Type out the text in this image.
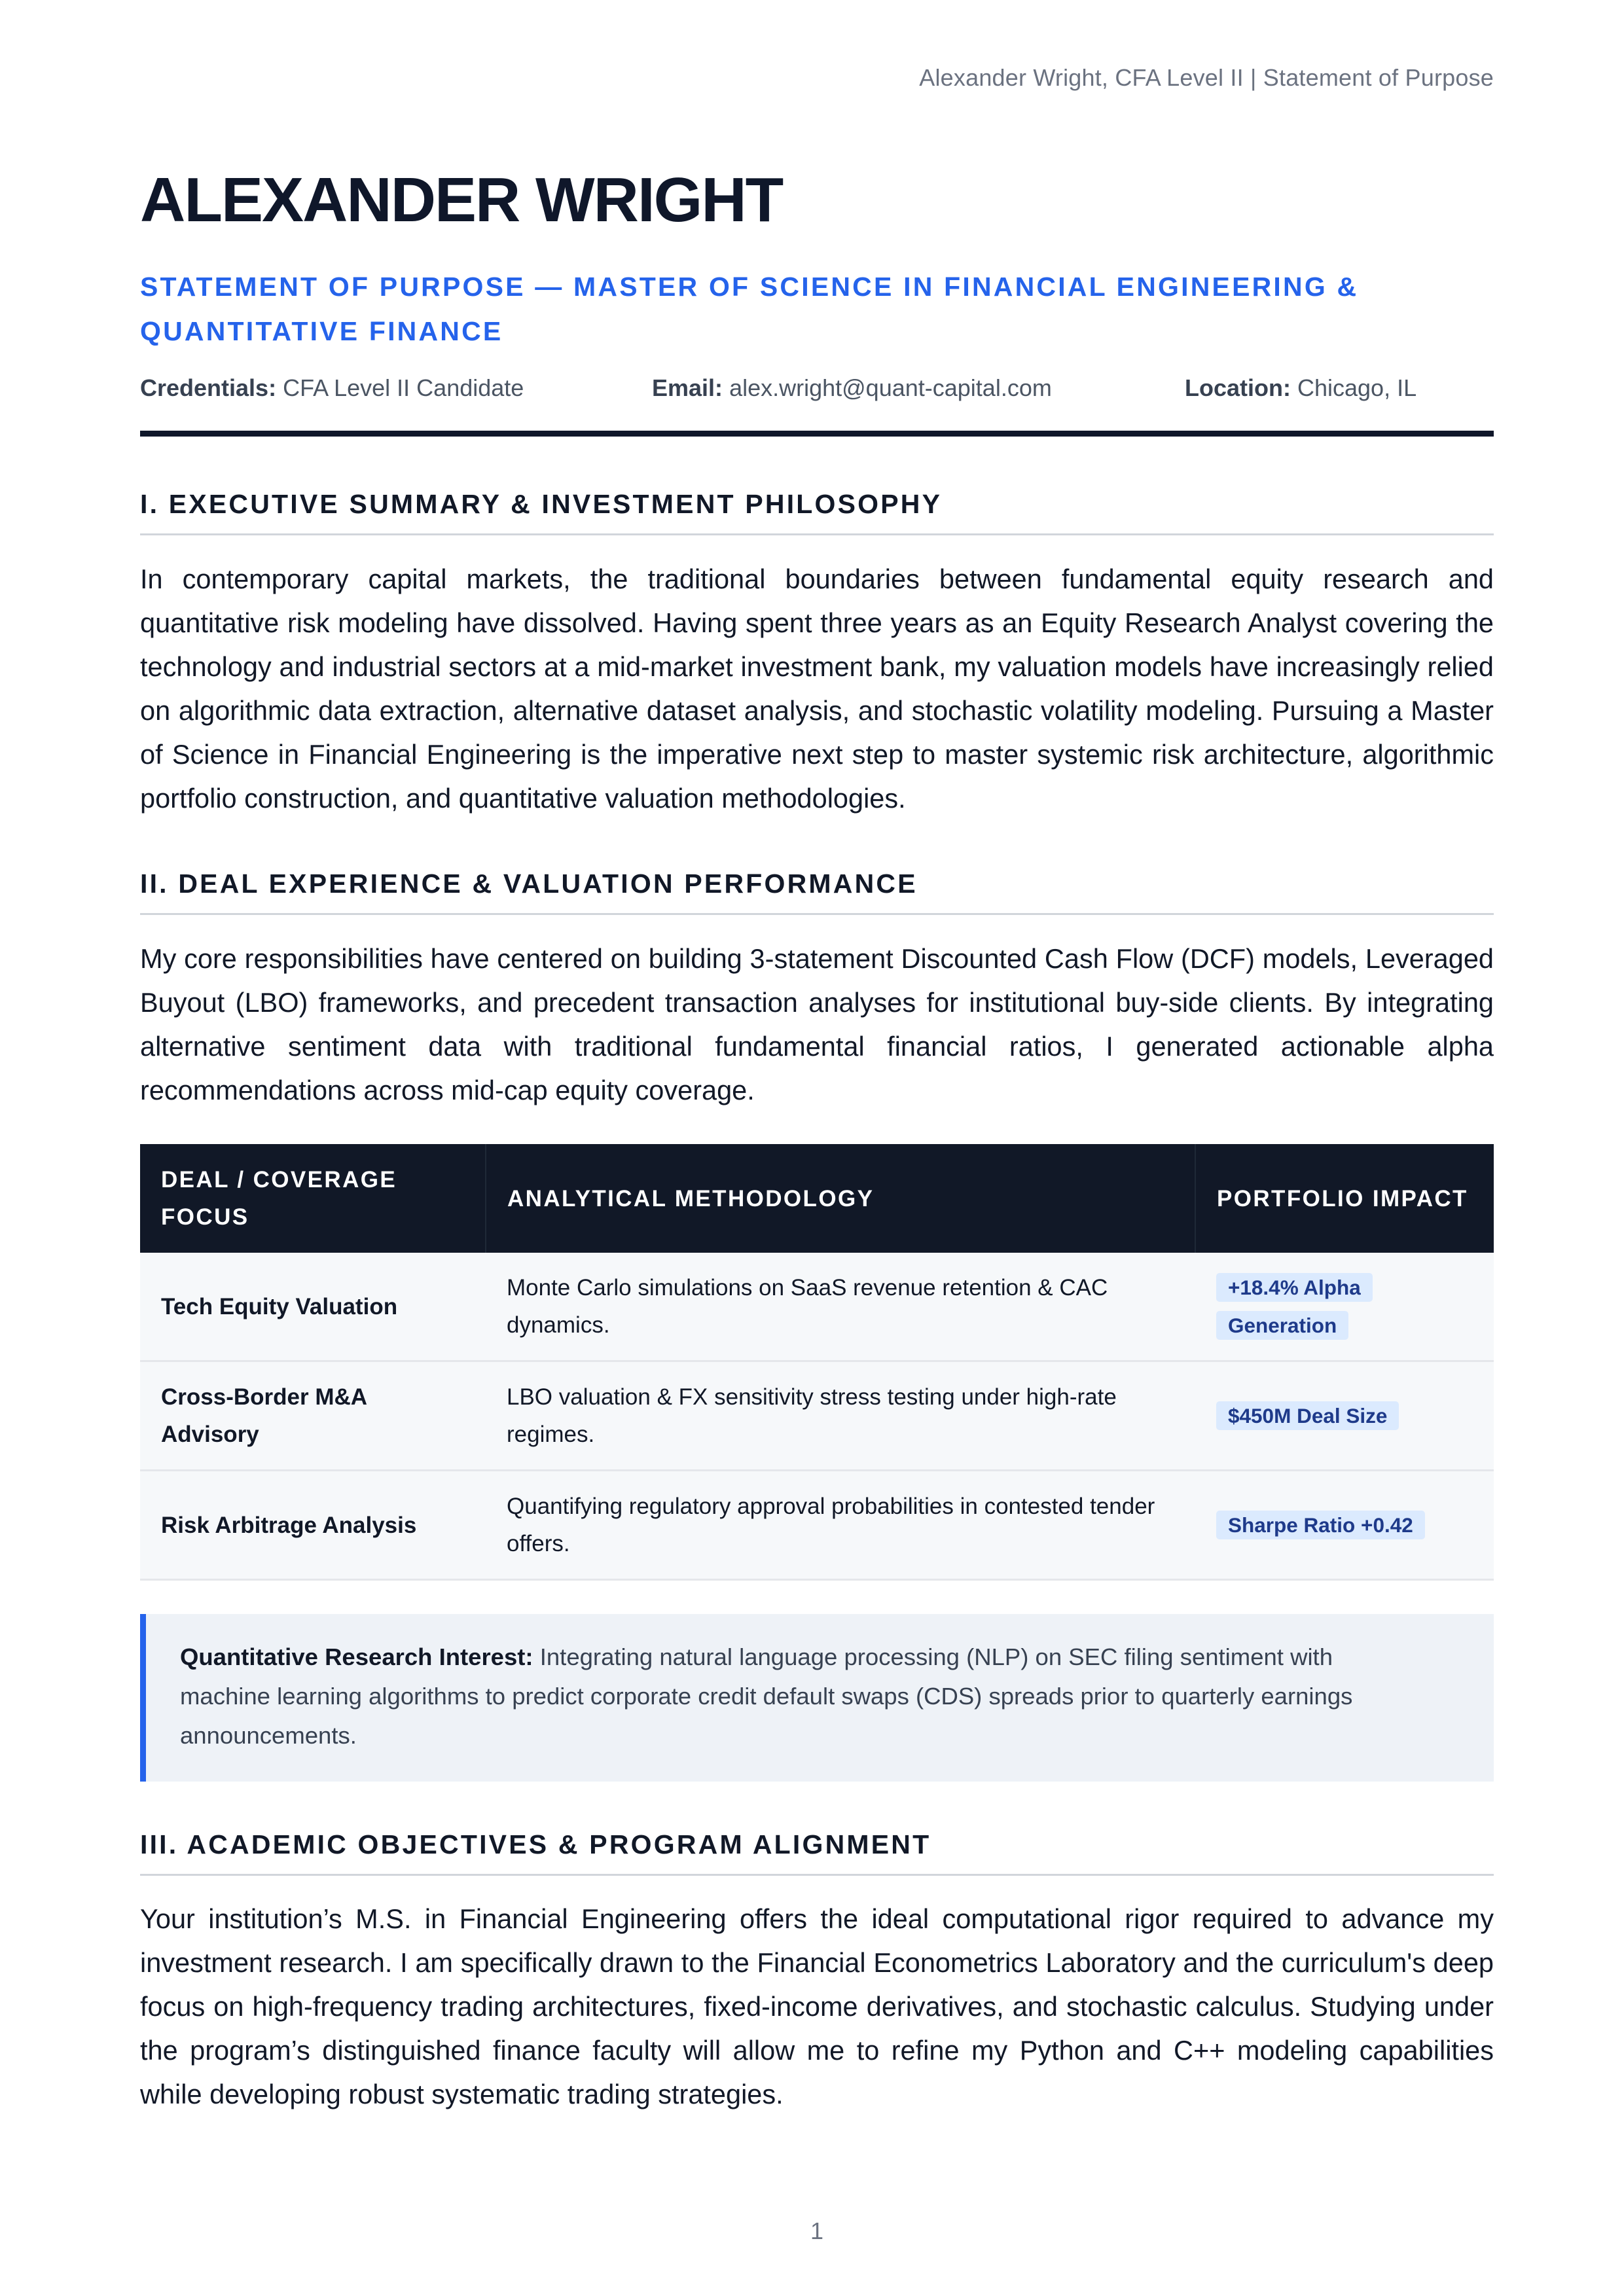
Alexander Wright, CFA Level II | Statement of Purpose
ALEXANDER WRIGHT
STATEMENT OF PURPOSE — MASTER OF SCIENCE IN FINANCIAL ENGINEERING & QUANTITATIVE FINANCE
Credentials: CFA Level II Candidate	Email: alex.wright@quant-capital.com	Location: Chicago, IL
I. EXECUTIVE SUMMARY & INVESTMENT PHILOSOPHY

In contemporary capital markets, the traditional boundaries between fundamental equity research and quantitative risk modeling have dissolved. Having spent three years as an Equity Research Analyst covering the technology and industrial sectors at a mid-market investment bank, my valuation models have increasingly relied on algorithmic data extraction, alternative dataset analysis, and stochastic volatility modeling. Pursuing a Master of Science in Financial Engineering is the imperative next step to master systemic risk architecture, algorithmic portfolio construction, and quantitative valuation methodologies.

II. DEAL EXPERIENCE & VALUATION PERFORMANCE

My core responsibilities have centered on building 3-statement Discounted Cash Flow (DCF) models, Leveraged Buyout (LBO) frameworks, and precedent transaction analyses for institutional buy-side clients. By integrating alternative sentiment data with traditional fundamental financial ratios, I generated actionable alpha recommendations across mid-cap equity coverage.

DEAL / COVERAGE FOCUS	ANALYTICAL METHODOLOGY	PORTFOLIO IMPACT
Tech Equity Valuation	Monte Carlo simulations on SaaS revenue retention & CAC dynamics.	+18.4% Alpha Generation
Cross-Border M&A Advisory	LBO valuation & FX sensitivity stress testing under high-rate regimes.	$450M Deal Size
Risk Arbitrage Analysis	Quantifying regulatory approval probabilities in contested tender offers.	Sharpe Ratio +0.42
Quantitative Research Interest: Integrating natural language processing (NLP) on SEC filing sentiment with machine learning algorithms to predict corporate credit default swaps (CDS) spreads prior to quarterly earnings announcements.
III. ACADEMIC OBJECTIVES & PROGRAM ALIGNMENT

Your institution’s M.S. in Financial Engineering offers the ideal computational rigor required to advance my investment research. I am specifically drawn to the Financial Econometrics Laboratory and the curriculum's deep focus on high-frequency trading architectures, fixed-income derivatives, and stochastic calculus. Studying under the program’s distinguished finance faculty will allow me to refine my Python and C++ modeling capabilities while developing robust systematic trading strategies.

1
